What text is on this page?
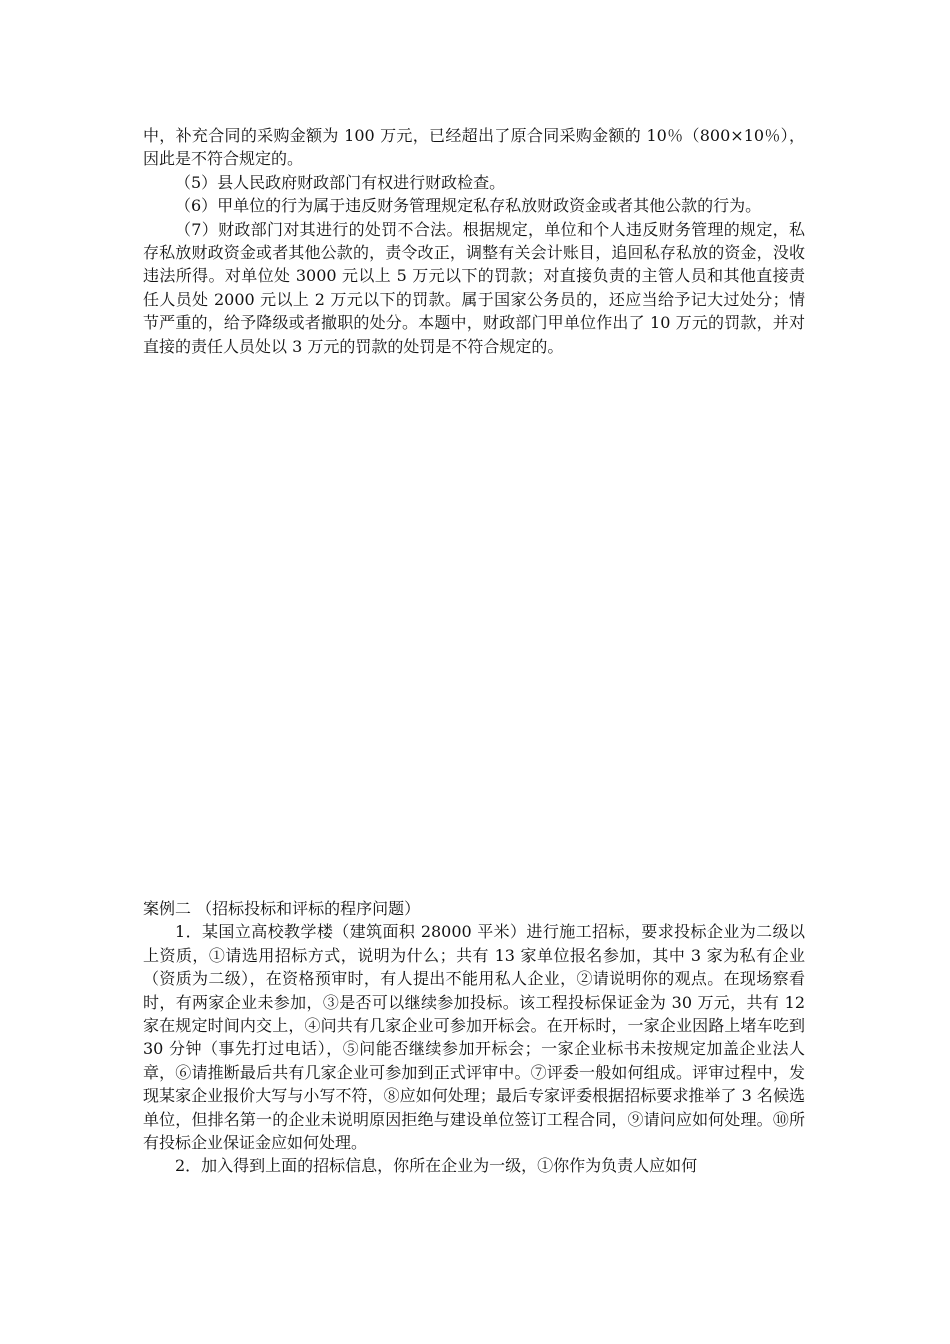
中，补充合同的采购金额为 100 万元，已经超出了原合同采购金额的 10％（800×10％），因此是不符合规定的。

（5）县人民政府财政部门有权进行财政检查。

（6）甲单位的行为属于违反财务管理规定私存私放财政资金或者其他公款的行为。

（7）财政部门对其进行的处罚不合法。根据规定，单位和个人违反财务管理的规定，私存私放财政资金或者其他公款的，责令改正，调整有关会计账目，追回私存私放的资金，没收违法所得。对单位处 3000 元以上 5 万元以下的罚款；对直接负责的主管人员和其他直接责任人员处 2000 元以上 2 万元以下的罚款。属于国家公务员的，还应当给予记大过处分；情节严重的，给予降级或者撤职的处分。本题中，财政部门甲单位作出了 10 万元的罚款，并对直接的责任人员处以 3 万元的罚款的处罚是不符合规定的。

案例二 （招标投标和评标的程序问题）

1．某国立高校教学楼（建筑面积 28000 平米）进行施工招标，要求投标企业为二级以上资质，①请选用招标方式，说明为什么；共有 13 家单位报名参加，其中 3 家为私有企业（资质为二级），在资格预审时，有人提出不能用私人企业，②请说明你的观点。在现场察看时，有两家企业未参加，③是否可以继续参加投标。该工程投标保证金为 30 万元，共有 12 家在规定时间内交上，④问共有几家企业可参加开标会。在开标时，一家企业因路上堵车吃到 30 分钟（事先打过电话），⑤问能否继续参加开标会；一家企业标书未按规定加盖企业法人章，⑥请推断最后共有几家企业可参加到正式评审中。⑦评委一般如何组成。评审过程中，发现某家企业报价大写与小写不符，⑧应如何处理；最后专家评委根据招标要求推举了 3 名候选单位，但排名第一的企业未说明原因拒绝与建设单位签订工程合同，⑨请问应如何处理。⑩所有投标企业保证金应如何处理。

2．加入得到上面的招标信息，你所在企业为一级，①你作为负责人应如何
